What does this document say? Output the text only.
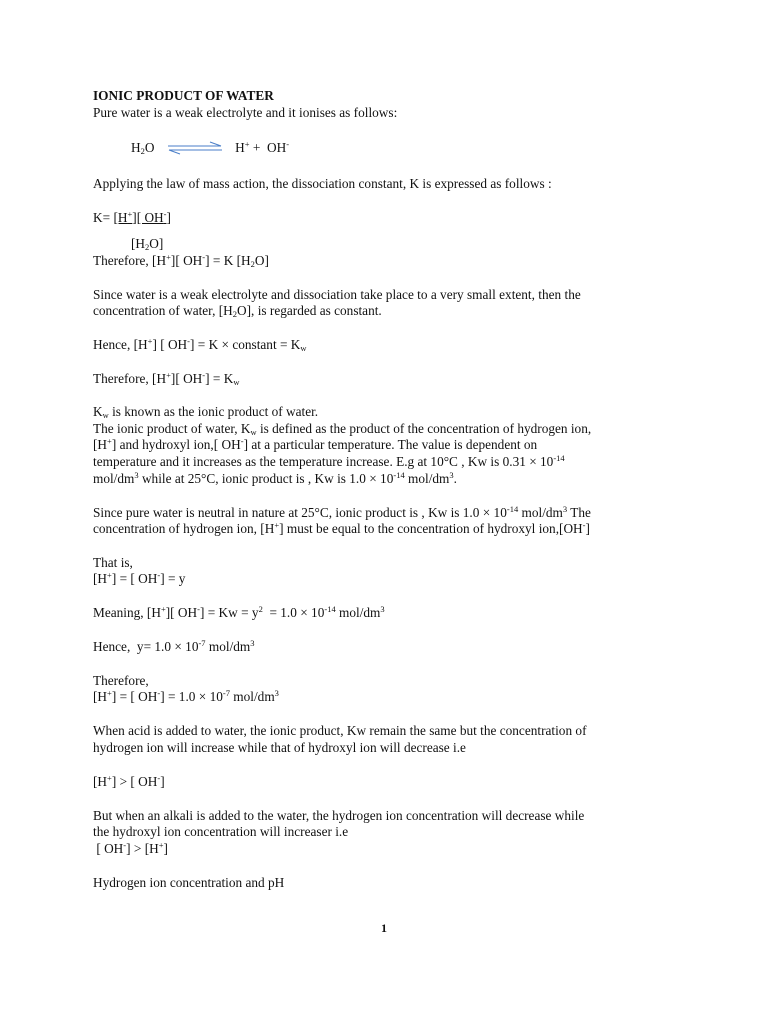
IONIC PRODUCT OF WATER
Pure water is a weak electrolyte and it ionises as follows:
$H_2O$	H+ +  OH-
Applying the law of mass action, the dissociation constant, K is expressed as follows :
K= [H+][ OH-]
$[H_2O]$
Therefore, [H+][ OH-] = K $[H_2O]$
Since water is a weak electrolyte and dissociation take place to a very small extent, then the
concentration of water, $[H_2O]$, is regarded as constant.
Hence, [H+] [ OH-] = K × constant = $K_w$
Therefore, [H+][ $OH^-] = K_w$
$K_w$ is known as the ionic product of water.
The ionic product of water, $K_w$ is defined as the product of the concentration of hydrogen ion,
[H+] and hydroxyl ion,[ OH-] at a particular temperature. The value is dependent on
temperature and it increases as the temperature increase. E.g at 10°C , Kw is $0.31 \times 10^{-14}$
mol/$dm^3$ while at 25°C, ionic product is , Kw is $1.0 \times 10^{-14}$ mol/$dm^3$.
Since pure water is neutral in nature at 25°C, ionic product is , Kw is $1.0 \times 10^{-14}$ mol/$dm^3$ The
concentration of hydrogen ion, [H+] must be equal to the concentration of hydroxyl ion,[OH-]
That is,
[H+] = [ OH-] = y
Meaning, [H+][ $OH^-] = Kw = y^2 = 1.0 \times 10^{-14}$ mol/$dm^3$
Hence,  $y= 1.0 \times 10^{-7}$ mol/$dm^3$
Therefore,
[H+] = [ $OH^-] = 1.0 \times 10^{-7}$ mol/$dm^3$
When acid is added to water, the ionic product, Kw remain the same but the concentration of
hydrogen ion will increase while that of hydroxyl ion will decrease i.e
[H+] > [ OH-]
But when an alkali is added to the water, the hydrogen ion concentration will decrease while
the hydroxyl ion concentration will increaser i.e
[ OH-] > [H+]
Hydrogen ion concentration and pH
1
